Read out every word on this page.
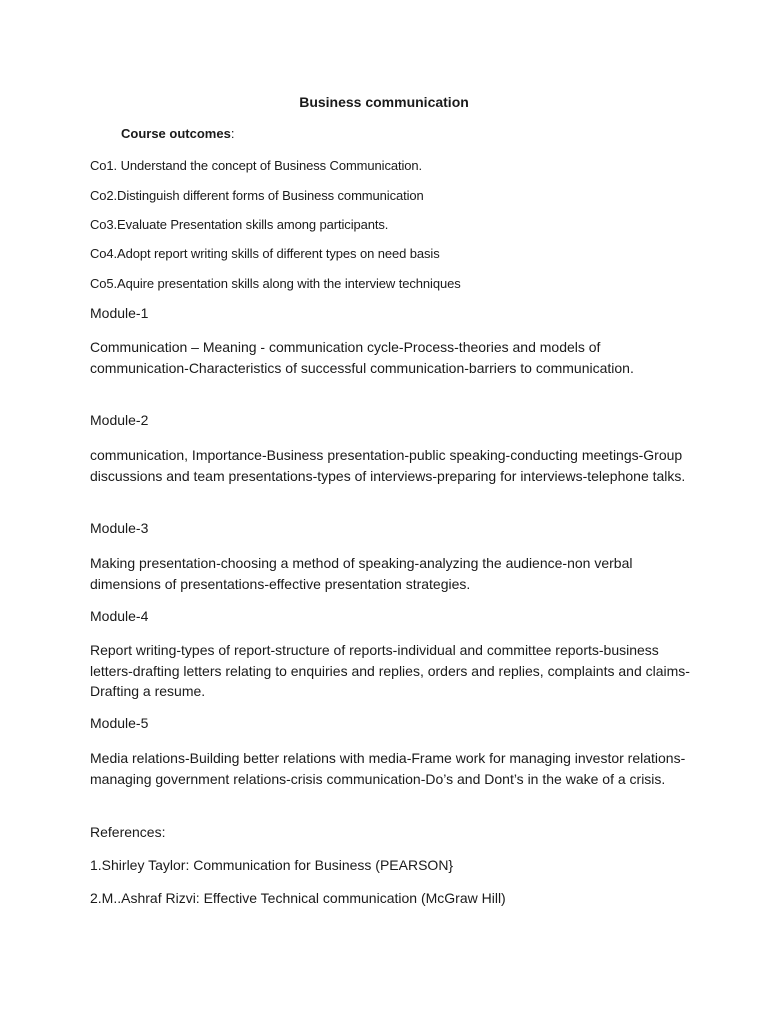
Business communication
Course outcomes:
Co1. Understand the concept of Business Communication.
Co2.Distinguish different forms of Business communication
Co3.Evaluate Presentation skills among participants.
Co4.Adopt report writing skills of different types on need basis
Co5.Aquire presentation skills along with the interview techniques
Module-1
Communication – Meaning - communication cycle-Process-theories and models of communication-Characteristics of successful communication-barriers to communication.
Module-2
communication, Importance-Business presentation-public speaking-conducting meetings-Group discussions and team presentations-types of interviews-preparing for interviews-telephone talks.
Module-3
Making presentation-choosing a method of speaking-analyzing the audience-non verbal dimensions of presentations-effective presentation strategies.
Module-4
Report writing-types of report-structure of reports-individual and committee reports-business letters-drafting letters relating to enquiries and replies, orders and replies, complaints and claims-Drafting a resume.
Module-5
Media relations-Building better relations with media-Frame work for managing investor relations-managing government relations-crisis communication-Do’s and Dont’s in the wake of a crisis.
References:
1.Shirley Taylor: Communication for Business (PEARSON}
2.M..Ashraf Rizvi: Effective Technical communication (McGraw Hill)
